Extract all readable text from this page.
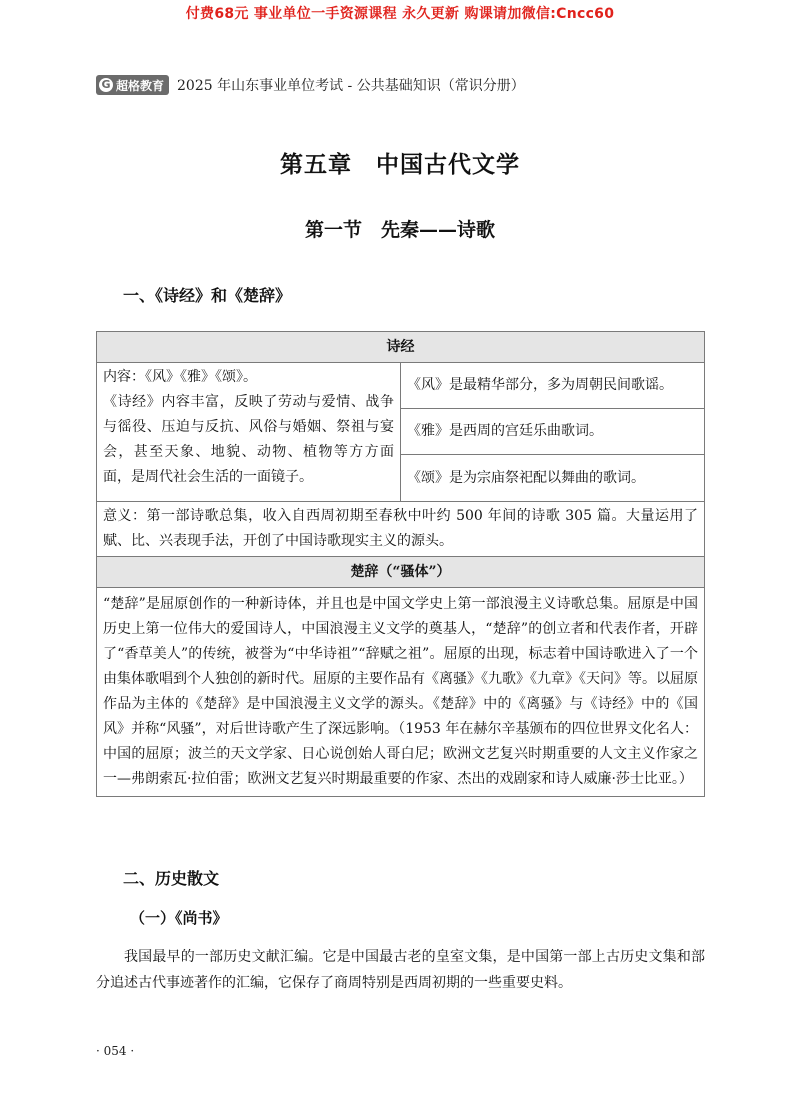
付费68元 事业单位一手资源课程 永久更新 购课请加微信:Cncc60
G 超格教育 2025 年山东事业单位考试 - 公共基础知识（常识分册）
第五章　中国古代文学
第一节　先秦——诗歌
一、《诗经》和《楚辞》
诗经

内容：《风》《雅》《颂》。
《诗经》内容丰富，反映了劳动与爱情、战争与徭役、压迫与反抗、风俗与婚姻、祭祖与宴会，甚至天象、地貌、动物、植物等方方面面，是周代社会生活的一面镜子。

《风》是最精华部分，多为周朝民间歌谣。
《雅》是西周的宫廷乐曲歌词。
《颂》是为宗庙祭祀配以舞曲的歌词。

意义：第一部诗歌总集，收入自西周初期至春秋中叶约 500 年间的诗歌 305 篇。大量运用了赋、比、兴表现手法，开创了中国诗歌现实主义的源头。
楚辞（“骚体”）
“楚辞”是屈原创作的一种新诗体，并且也是中国文学史上第一部浪漫主义诗歌总集。屈原是中国历史上第一位伟大的爱国诗人，中国浪漫主义文学的奠基人，“楚辞”的创立者和代表作者，开辟了“香草美人”的传统，被誉为“中华诗祖”“辞赋之祖”。屈原的出现，标志着中国诗歌进入了一个由集体歌唱到个人独创的新时代。屈原的主要作品有《离骚》《九歌》《九章》《天问》等。以屈原作品为主体的《楚辞》是中国浪漫主义文学的源头。《楚辞》中的《离骚》与《诗经》中的《国风》并称“风骚”，对后世诗歌产生了深远影响。（1953 年在赫尔辛基颁布的四位世界文化名人：中国的屈原；波兰的天文学家、日心说创始人哥白尼；欧洲文艺复兴时期重要的人文主义作家之一—弗朗索瓦·拉伯雷；欧洲文艺复兴时期最重要的作家、杰出的戏剧家和诗人威廉·莎士比亚。）
二、历史散文
（一）《尚书》
我国最早的一部历史文献汇编。它是中国最古老的皇室文集，是中国第一部上古历史文集和部分追述古代事迹著作的汇编，它保存了商周特别是西周初期的一些重要史料。
· 054 ·
